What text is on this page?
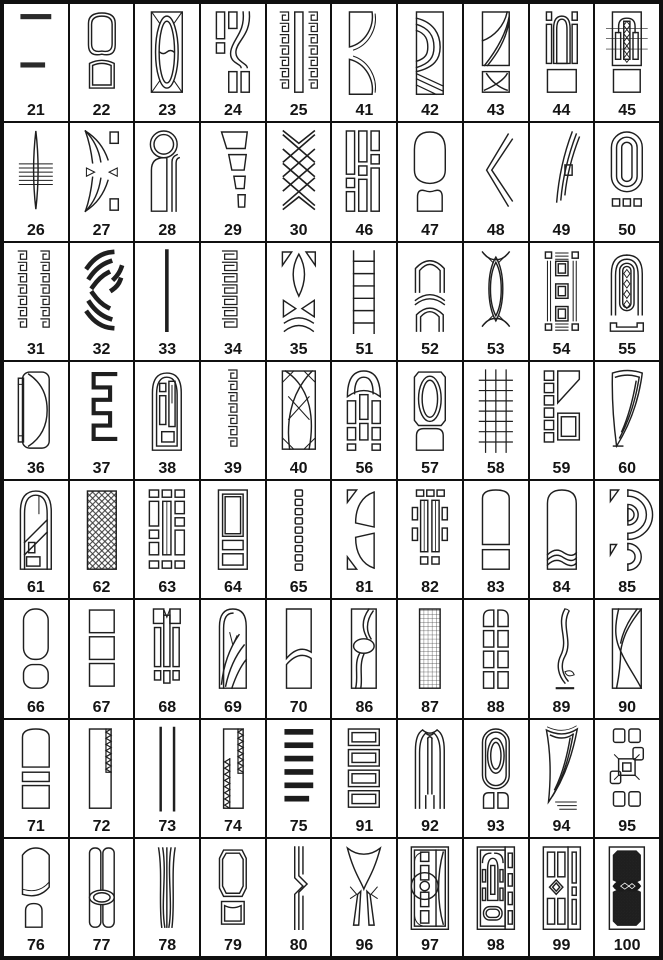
21	22	23	24	25	41	42	43	44	45
26	27	28	29	30	46	47	48	49	50
31	32	33	34	35	51	52	53	54	55
36	37	38	39	40	56	57	58	59	60
61	62	63	64	65	81	82	83	84	85
66	67	68	69	70	86	87	88	89	90
71	72	73	74	75	91	92	93	94	95
76	77	78	79	80	96	97	98	99	100
